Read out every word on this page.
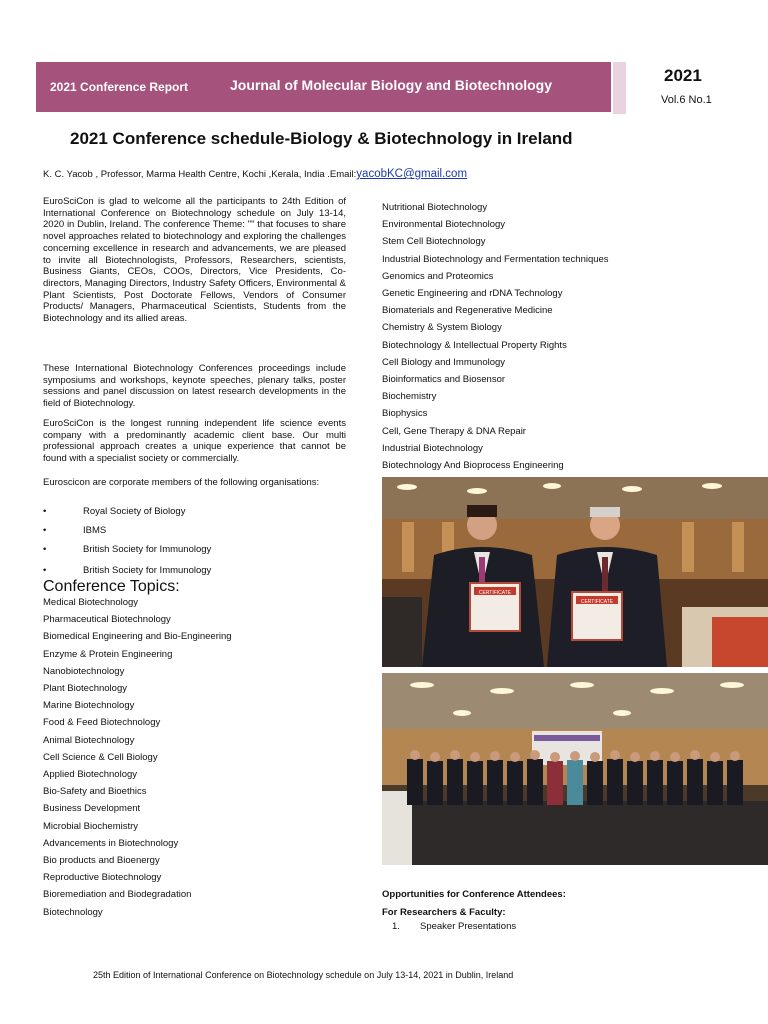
2021 Conference Report	Journal of Molecular Biology and Biotechnology	2021
Vol.6 No.1
2021 Conference schedule-Biology & Biotechnology in Ireland
K. C. Yacob , Professor, Marma Health Centre, Kochi ,Kerala, India .Email:yacobKC@gmail.com

EuroSciCon is glad to welcome all the participants to 24th Edition of International Conference on Biotechnology schedule on July 13-14, 2020 in Dublin, Ireland. The conference Theme: "" that focuses to share novel approaches related to biotechnology and exploring the challenges concerning excellence in research and advancements, we are pleased to invite all Biotechnologists, Professors, Researchers, scientists, Business Giants, CEOs, COOs, Directors, Vice Presidents, Co-directors, Managing Directors, Industry Safety Officers, Environmental & Plant Scientists, Post Doctorate Fellows, Vendors of Consumer Products/ Managers, Pharmaceutical Scientists, Students from the Biotechnology and its allied areas.

These International Biotechnology Conferences proceedings include symposiums and workshops, keynote speeches, plenary talks, poster sessions and panel discussion on latest research developments in the field of Biotechnology.

EuroSciCon is the longest running independent life science events company with a predominantly academic client base. Our multi professional approach creates a unique experience that cannot be found with a specialist society or commercially.

Euroscicon are corporate members of the following organisations:

•	Royal Society of Biology
•	IBMS
•	British Society for Immunology
•	British Society for Immunology
Conference Topics:
Medical Biotechnology
Pharmaceutical Biotechnology
Biomedical Engineering and Bio-Engineering
Enzyme & Protein Engineering
Nanobiotechnology
Plant Biotechnology
Marine Biotechnology
Food & Feed Biotechnology
Animal Biotechnology
Cell Science & Cell Biology
Applied Biotechnology
Bio-Safety and Bioethics
Business Development
Microbial Biochemistry
Advancements in Biotechnology
Bio products and Bioenergy
Reproductive Biotechnology
Bioremediation and Biodegradation
Biotechnology
Nutritional Biotechnology
Environmental Biotechnology
Stem Cell Biotechnology
Industrial Biotechnology and Fermentation techniques
Genomics and Proteomics
Genetic Engineering and rDNA Technology
Biomaterials and Regenerative Medicine
Chemistry & System Biology
Biotechnology & Intellectual Property Rights
Cell Biology and Immunology
Bioinformatics and Biosensor
Biochemistry
Biophysics
Cell, Gene Therapy & DNA Repair
Industrial Biotechnology
Biotechnology And Bioprocess Engineering
CERTIFICATE
CERTIFICATE
Opportunities for Conference Attendees:
For Researchers & Faculty:
1. Speaker Presentations
25th Edition of International Conference on Biotechnology schedule on July 13-14, 2021 in Dublin, Ireland
